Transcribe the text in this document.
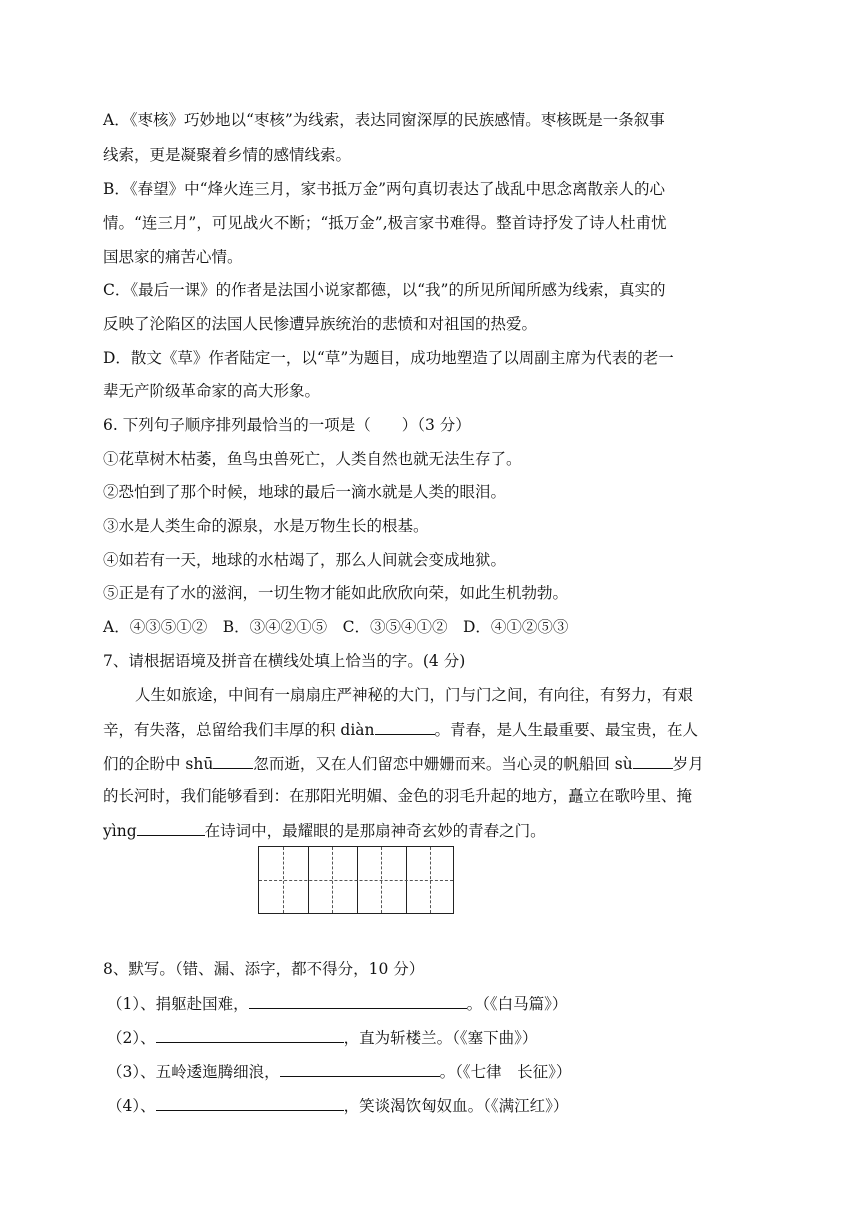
A．《枣核》巧妙地以“枣核”为线索，表达同窗深厚的民族感情。枣核既是一条叙事
线索，更是凝聚着乡情的感情线索。
B．《春望》中“烽火连三月，家书抵万金”两句真切表达了战乱中思念离散亲人的心
情。“连三月”，可见战火不断；“抵万金”,极言家书难得。整首诗抒发了诗人杜甫忧
国思家的痛苦心情。
C．《最后一课》的作者是法国小说家都德，以“我”的所见所闻所感为线索，真实的
反映了沦陷区的法国人民惨遭异族统治的悲愤和对祖国的热爱。
D．散文《草》作者陆定一，以“草”为题目，成功地塑造了以周副主席为代表的老一
辈无产阶级革命家的高大形象。
6. 下列句子顺序排列最恰当的一项是（　　）（3 分）
①花草树木枯萎，鱼鸟虫兽死亡，人类自然也就无法生存了。
②恐怕到了那个时候，地球的最后一滴水就是人类的眼泪。
③水是人类生命的源泉，水是万物生长的根基。
④如若有一天，地球的水枯竭了，那么人间就会变成地狱。
⑤正是有了水的滋润，一切生物才能如此欣欣向荣，如此生机勃勃。
A．④③⑤①②　B．③④②①⑤　C．③⑤④①②　D．④①②⑤③
7、请根据语境及拼音在横线处填上恰当的字。(4 分)
人生如旅途，中间有一扇扇庄严神秘的大门，门与门之间，有向往，有努力，有艰
辛，有失落，总留给我们丰厚的积 diàn	。青春，是人生最重要、最宝贵，在人
们的企盼中 shū	忽而逝，又在人们留恋中姗姗而来。当心灵的帆船回 sù	岁月
的长河时，我们能够看到：在那阳光明媚、金色的羽毛升起的地方，矗立在歌吟里、掩
yìng	在诗词中，最耀眼的是那扇神奇玄妙的青春之门。
8、默写。（错、漏、添字，都不得分，10 分）
（1）、捐躯赴国难，	。（《白马篇》）
（2）、	，直为斩楼兰。（《塞下曲》）
（3）、五岭逶迤腾细浪，	。（《七律　长征》）
（4）、	，笑谈渴饮匈奴血。（《满江红》）
